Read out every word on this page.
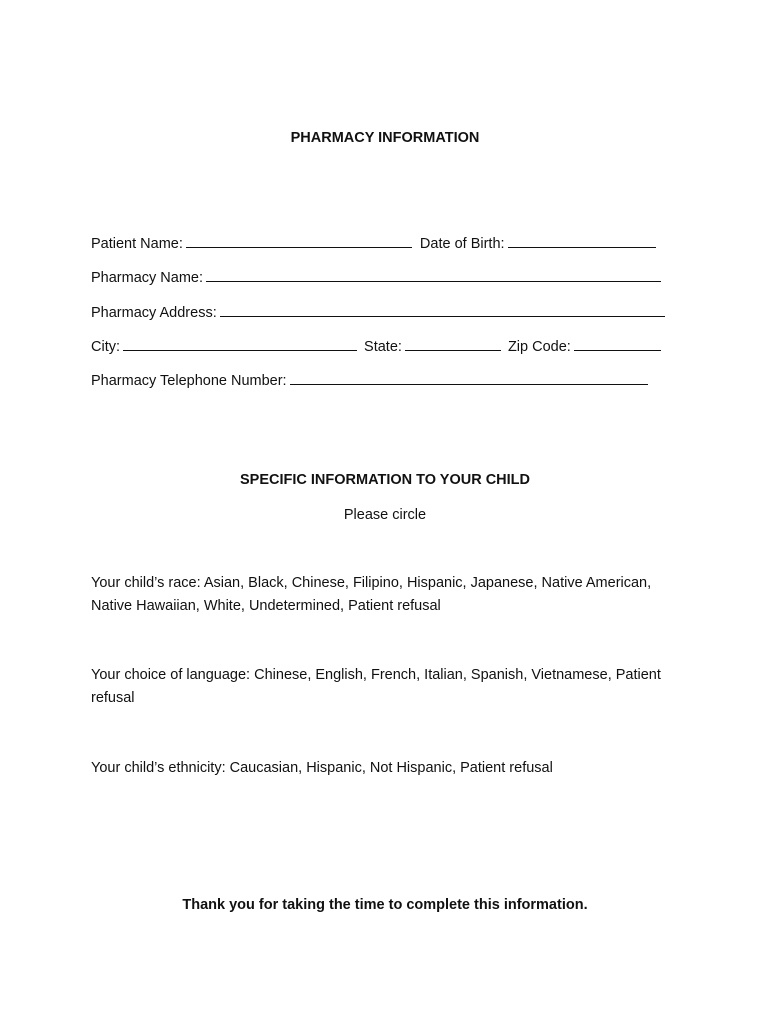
PHARMACY INFORMATION
Patient Name:	Date of Birth:
Pharmacy Name:
Pharmacy Address:
City:	State:	Zip Code:
Pharmacy Telephone Number:
SPECIFIC INFORMATION TO YOUR CHILD
Please circle
Your child’s race: Asian, Black, Chinese, Filipino, Hispanic, Japanese, Native American, Native Hawaiian, White, Undetermined, Patient refusal
Your choice of language: Chinese, English, French, Italian, Spanish, Vietnamese, Patient refusal
Your child’s ethnicity: Caucasian, Hispanic, Not Hispanic, Patient refusal
Thank you for taking the time to complete this information.
